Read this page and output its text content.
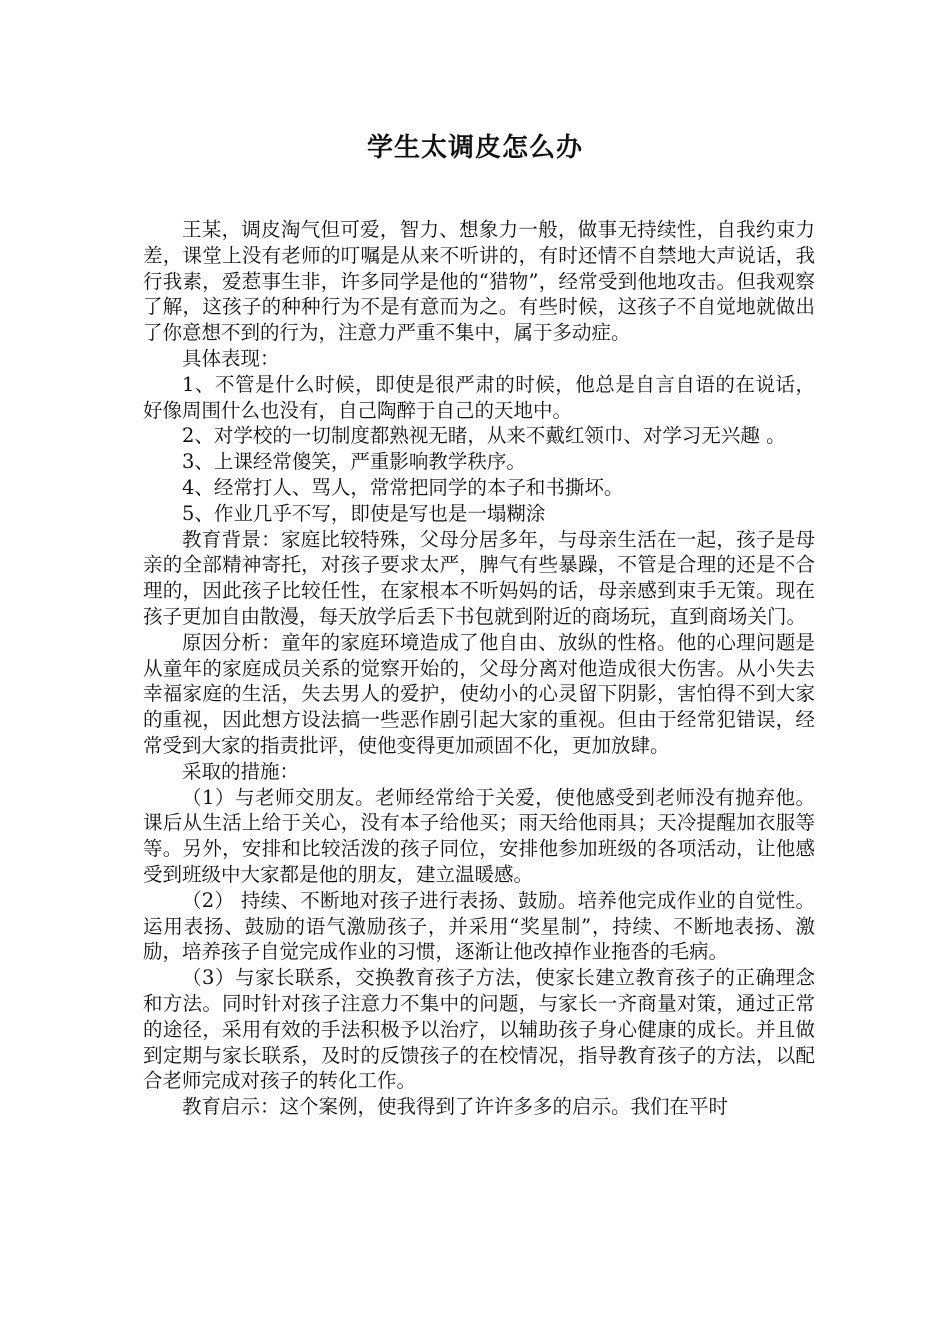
学生太调皮怎么办

王某，调皮淘气但可爱，智力、想象力一般，做事无持续性，自我约束力差，课堂上没有老师的叮嘱是从来不听讲的，有时还情不自禁地大声说话，我行我素，爱惹事生非，许多同学是他的“猎物”，经常受到他地攻击。但我观察了解，这孩子的种种行为不是有意而为之。有些时候，这孩子不自觉地就做出了你意想不到的行为，注意力严重不集中，属于多动症。

具体表现：

1、不管是什么时候，即使是很严肃的时候，他总是自言自语的在说话，好像周围什么也没有，自己陶醉于自己的天地中。

2、对学校的一切制度都熟视无睹，从来不戴红领巾、对学习无兴趣 。

3、上课经常傻笑，严重影响教学秩序。

4、经常打人、骂人，常常把同学的本子和书撕坏。

5、作业几乎不写，即使是写也是一塌糊涂

教育背景：家庭比较特殊，父母分居多年，与母亲生活在一起，孩子是母亲的全部精神寄托，对孩子要求太严，脾气有些暴躁，不管是合理的还是不合理的，因此孩子比较任性，在家根本不听妈妈的话，母亲感到束手无策。现在孩子更加自由散漫，每天放学后丢下书包就到附近的商场玩，直到商场关门。

原因分析：童年的家庭环境造成了他自由、放纵的性格。他的心理问题是从童年的家庭成员关系的觉察开始的，父母分离对他造成很大伤害。从小失去幸福家庭的生活，失去男人的爱护，使幼小的心灵留下阴影，害怕得不到大家的重视，因此想方设法搞一些恶作剧引起大家的重视。但由于经常犯错误，经常受到大家的指责批评，使他变得更加顽固不化，更加放肆。

采取的措施：

（1）与老师交朋友。老师经常给于关爱，使他感受到老师没有抛弃他。课后从生活上给于关心，没有本子给他买；雨天给他雨具；天冷提醒加衣服等等。另外，安排和比较活泼的孩子同位，安排他参加班级的各项活动，让他感受到班级中大家都是他的朋友，建立温暖感。

（2） 持续、不断地对孩子进行表扬、鼓励。培养他完成作业的自觉性。运用表扬、鼓励的语气激励孩子，并采用“奖星制”，持续、不断地表扬、激励，培养孩子自觉完成作业的习惯，逐渐让他改掉作业拖沓的毛病。

（3）与家长联系，交换教育孩子方法，使家长建立教育孩子的正确理念和方法。同时针对孩子注意力不集中的问题，与家长一齐商量对策，通过正常的途径，采用有效的手法积极予以治疗，以辅助孩子身心健康的成长。并且做到定期与家长联系，及时的反馈孩子的在校情况，指导教育孩子的方法，以配合老师完成对孩子的转化工作。

教育启示：这个案例，使我得到了许许多多的启示。我们在平时
